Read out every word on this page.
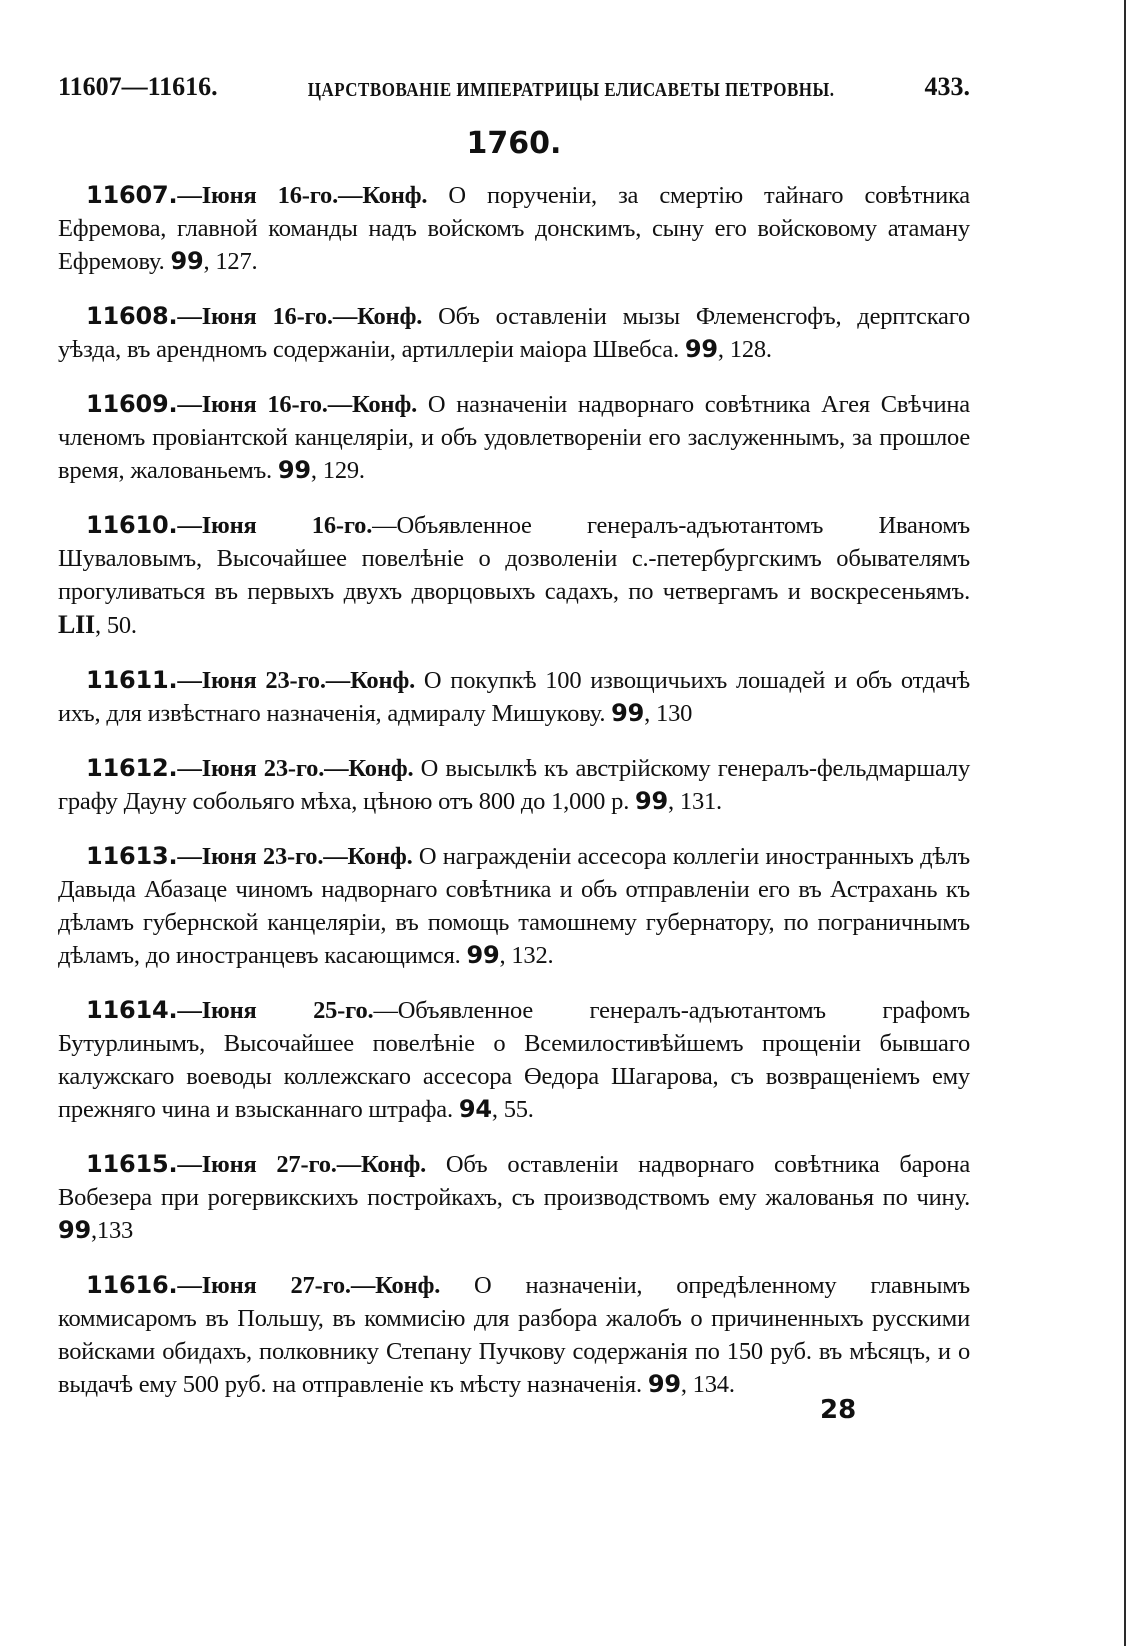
11607—11616.	ЦАРСТВОВАНІЕ ИМПЕРАТРИЦЫ ЕЛИСАВЕТЫ ПЕТРОВНЫ.	433.
1760.

11607.—Іюня 16-го.—Конф. О порученіи, за смертію тайнаго совѣтника Ефремова, главной команды надъ войскомъ донскимъ, сыну его войсковому атаману Ефремову. 99, 127.

11608.—Іюня 16-го.—Конф. Объ оставленіи мызы Флеменсгофъ, дерптскаго уѣзда, въ арендномъ содержаніи, артиллеріи маіора Швебса. 99, 128.

11609.—Іюня 16-го.—Конф. О назначеніи надворнаго совѣтника Агея Свѣчина членомъ провіантской канцеляріи, и объ удовлетвореніи его заслуженнымъ, за прошлое время, жалованьемъ. 99, 129.

11610.—Іюня 16-го.—Объявленное генералъ-адъютантомъ Иваномъ Шуваловымъ, Высочайшее повелѣніе о дозволеніи с.-петербургскимъ обывателямъ прогуливаться въ первыхъ двухъ дворцовыхъ садахъ, по четвергамъ и воскресеньямъ. LII, 50.

11611.—Іюня 23-го.—Конф. О покупкѣ 100 извощичьихъ лошадей и объ отдачѣ ихъ, для извѣстнаго назначенія, адмиралу Мишукову. 99, 130

11612.—Іюня 23-го.—Конф. О высылкѣ къ австрійскому генералъ-фельдмаршалу графу Дауну собольяго мѣха, цѣною отъ 800 до 1,000 р. 99, 131.

11613.—Іюня 23-го.—Конф. О награжденіи ассесора коллегіи иностранныхъ дѣлъ Давыда Абазаце чиномъ надворнаго совѣтника и объ отправленіи его въ Астрахань къ дѣламъ губернской канцеляріи, въ помощь тамошнему губернатору, по пограничнымъ дѣламъ, до иностранцевъ касающимся. 99, 132.

11614.—Іюня 25-го.—Объявленное генералъ-адъютантомъ графомъ Бутурлинымъ, Высочайшее повелѣніе о Всемилостивѣйшемъ прощеніи бывшаго калужскаго воеводы коллежскаго ассесора Өедора Шагарова, съ возвращеніемъ ему прежняго чина и взысканнаго штрафа. 94, 55.

11615.—Іюня 27-го.—Конф. Объ оставленіи надворнаго совѣтника барона Вобезера при рогервикскихъ постройкахъ, съ производствомъ ему жалованья по чину. 99,133

11616.—Іюня 27-го.—Конф. О назначеніи, опредѣленному главнымъ коммисаромъ въ Польшу, въ коммисію для разбора жалобъ о причиненныхъ русскими войсками обидахъ, полковнику Степану Пучкову содержанія по 150 руб. въ мѣсяцъ, и о выдачѣ ему 500 руб. на отправленіе къ мѣсту назначенія. 99, 134.

28
